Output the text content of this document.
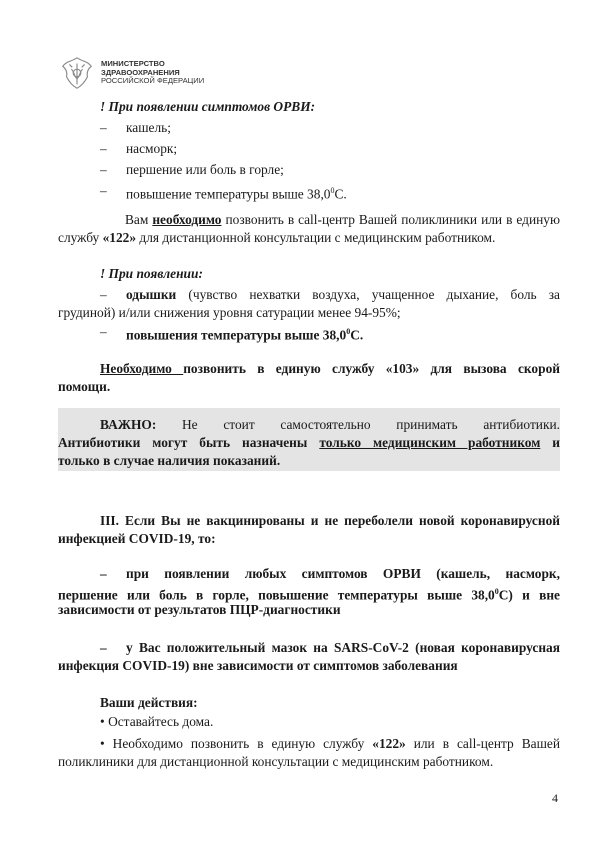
МИНИСТЕРСТВО
ЗДРАВООХРАНЕНИЯ
РОССИЙСКОЙ ФЕДЕРАЦИИ
! При появлении симптомов ОРВИ:
– кашель;
– насморк;
– першение или боль в горле;
– повышение температуры выше 38,0$^0$С.
Вам необходимо позвонить в call-центр Вашей поликлиники или в единую
службу «122» для дистанционной консультации с медицинским работником.
! При появлении:
– одышки (чувство нехватки воздуха, учащенное дыхание, боль за
грудиной) и/или снижения уровня сатурации менее 94-95%;
– повышения температуры выше 38,0$^0$С.
Необходимо позвонить в единую службу «103» для вызова скорой
помощи.
ВАЖНО: Не стоит самостоятельно принимать антибиотики.
Антибиотики могут быть назначены только медицинским работником и
только в случае наличия показаний.
III. Если Вы не вакцинированы и не переболели новой коронавирусной
инфекцией COVID-19, то:
– при появлении любых симптомов ОРВИ (кашель, насморк,
першение или боль в горле, повышение температуры выше 38,0$^0$С) и вне
зависимости от результатов ПЦР-диагностики
– у Вас положительный мазок на SARS-CoV-2 (новая коронавирусная
инфекция COVID-19) вне зависимости от симптомов заболевания
Ваши действия:
• Оставайтесь дома.
• Необходимо позвонить в единую службу «122» или в call-центр Вашей
поликлиники для дистанционной консультации с медицинским работником.
4
